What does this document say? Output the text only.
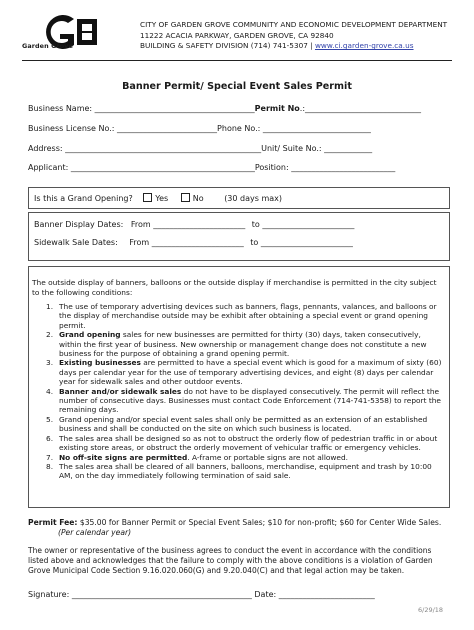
Garden Grove
CITY OF GARDEN GROVE COMMUNITY AND ECONOMIC DEVELOPMENT DEPARTMENT
11222 ACACIA PARKWAY, GARDEN GROVE, CA 92840
BUILDING & SAFETY DIVISION (714) 741-5307 | www.ci.garden-grove.ca.us
Banner Permit/ Special Event Sales Permit
Business Name: ________________________________________Permit No.:_____________________________
Business License No.: _________________________Phone No.: ___________________________
Address: _________________________________________________Unit/ Suite No.: ____________
Applicant: ______________________________________________Position: __________________________
Is this a Grand Opening?	Yes	No	(30 days max)
Banner Display Dates: From _______________________ to _______________________
Sidewalk Sale Dates: From _______________________ to _______________________
The outside display of banners, balloons or the outside display if merchandise is permitted in the city subject to the following conditions:
1. The use of temporary advertising devices such as banners, flags, pennants, valances, and balloons or the display of merchandise outside may be exhibit after obtaining a special event or grand opening permit.
2. Grand opening sales for new businesses are permitted for thirty (30) days, taken consecutively, within the first year of business. New ownership or management change does not constitute a new business for the purpose of obtaining a grand opening permit.
3. Existing businesses are permitted to have a special event which is good for a maximum of sixty (60) days per calendar year for the use of temporary advertising devices, and eight (8) days per calendar year for sidewalk sales and other outdoor events.
4. Banner and/or sidewalk sales do not have to be displayed consecutively. The permit will reflect the number of consecutive days. Businesses must contact Code Enforcement (714-741-5358) to report the remaining days.
5. Grand opening and/or special event sales shall only be permitted as an extension of an established business and shall be conducted on the site on which such business is located.
6. The sales area shall be designed so as not to obstruct the orderly flow of pedestrian traffic in or about existing store areas, or obstruct the orderly movement of vehicular traffic or emergency vehicles.
7. No off-site signs are permitted. A-frame or portable signs are not allowed.
8. The sales area shall be cleared of all banners, balloons, merchandise, equipment and trash by 10:00 AM, on the day immediately following termination of said sale.
Permit Fee: $35.00 for Banner Permit or Special Event Sales; $10 for non-profit; $60 for Center Wide Sales.
(Per calendar year)
The owner or representative of the business agrees to conduct the event in accordance with the conditions listed above and acknowledges that the failure to comply with the above conditions is a violation of Garden Grove Municipal Code Section 9.16.020.060(G) and 9.20.040(C) and that legal action may be taken.
Signature: _____________________________________________ Date: ________________________
6/29/18
